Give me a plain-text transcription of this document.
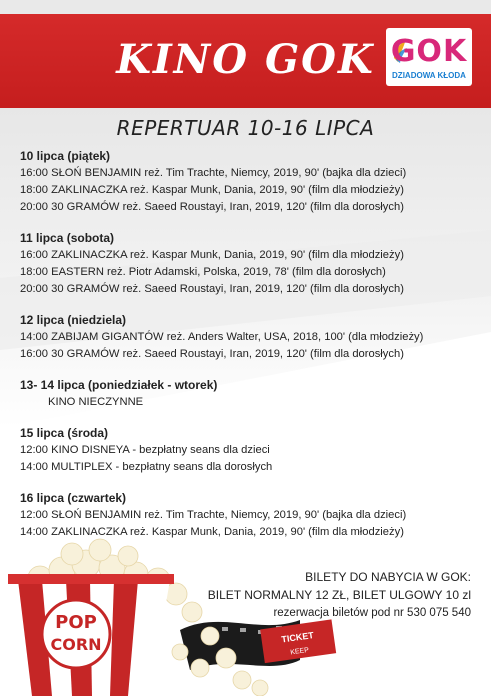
KINO GOK GOK
DZIADOWA KŁODA
REPERTUAR 10-16 LIPCA
10 lipca (piątek)
16:00 SŁOŃ BENJAMIN reż. Tim Trachte, Niemcy, 2019, 90' (bajka dla dzieci)
18:00 ZAKLINACZKA reż. Kaspar Munk, Dania, 2019, 90' (film dla młodzieży)
20:00 30 GRAMÓW reż. Saeed Roustayi, Iran, 2019, 120' (film dla dorosłych)
11 lipca (sobota)
16:00 ZAKLINACZKA reż. Kaspar Munk, Dania, 2019, 90' (film dla młodzieży)
18:00 EASTERN reż. Piotr Adamski, Polska, 2019, 78' (film dla dorosłych)
20:00 30 GRAMÓW reż. Saeed Roustayi, Iran, 2019, 120' (film dla dorosłych)
12 lipca (niedziela)
14:00 ZABIJAM GIGANTÓW reż. Anders Walter, USA, 2018, 100' (dla młodzieży)
16:00 30 GRAMÓW reż. Saeed Roustayi, Iran, 2019, 120' (film dla dorosłych)
13- 14 lipca (poniedziałek - wtorek)
KINO NIECZYNNE
15 lipca (środa)
12:00 KINO DISNEYA - bezpłatny seans dla dzieci
14:00 MULTIPLEX - bezpłatny seans dla dorosłych
16 lipca (czwartek)
12:00 SŁOŃ BENJAMIN reż. Tim Trachte, Niemcy, 2019, 90' (bajka dla dzieci)
14:00 ZAKLINACZKA reż. Kaspar Munk, Dania, 2019, 90' (film dla młodzieży)
TICKET
KEEP
POP
CORN
BILETY DO NABYCIA W GOK:
BILET NORMALNY 12 ZŁ, BILET ULGOWY 10 zl
rezerwacja biletów pod nr 530 075 540
